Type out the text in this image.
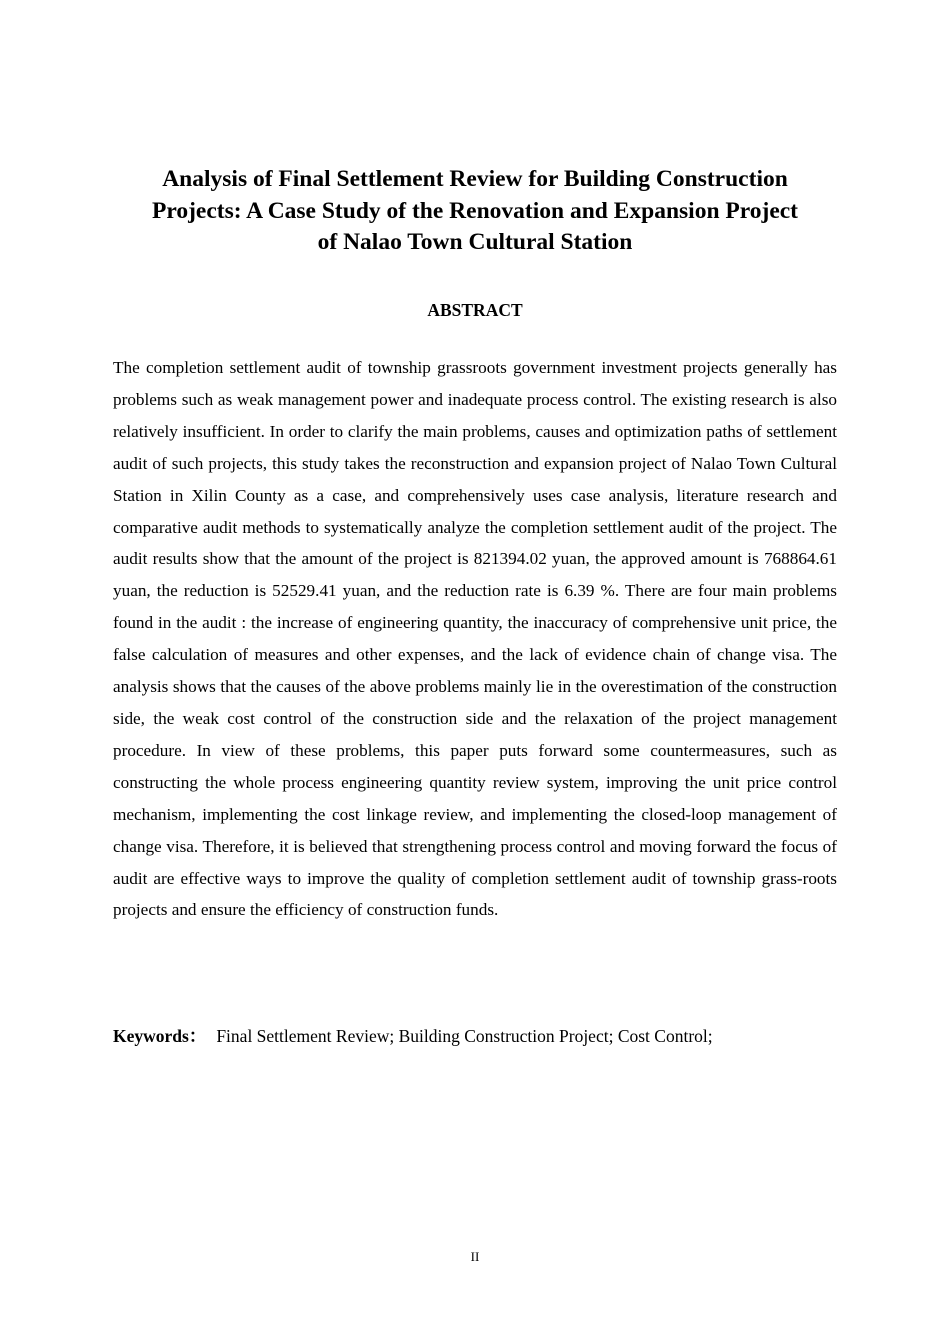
Analysis of Final Settlement Review for Building Construction
Projects: A Case Study of the Renovation and Expansion Project
of Nalao Town Cultural Station
ABSTRACT

The completion settlement audit of township grassroots government investment projects generally has problems such as weak management power and inadequate process control. The existing research is also relatively insufficient. In order to clarify the main problems, causes and optimization paths of settlement audit of such projects, this study takes the reconstruction and expansion project of Nalao Town Cultural Station in Xilin County as a case, and comprehensively uses case analysis, literature research and comparative audit methods to systematically analyze the completion settlement audit of the project. The audit results show that the amount of the project is 821394.02 yuan, the approved amount is 768864.61 yuan, the reduction is 52529.41 yuan, and the reduction rate is 6.39 %. There are four main problems found in the audit : the increase of engineering quantity, the inaccuracy of comprehensive unit price, the false calculation of measures and other expenses, and the lack of evidence chain of change visa. The analysis shows that the causes of the above problems mainly lie in the overestimation of the construction side, the weak cost control of the construction side and the relaxation of the project management procedure. In view of these problems, this paper puts forward some countermeasures, such as constructing the whole process engineering quantity review system, improving the unit price control mechanism, implementing the cost linkage review, and implementing the closed-loop management of change visa. Therefore, it is believed that strengthening process control and moving forward the focus of audit are effective ways to improve the quality of completion settlement audit of township grass-roots projects and ensure the efficiency of construction funds.

Keywords： Final Settlement Review; Building Construction Project; Cost Control;

II
